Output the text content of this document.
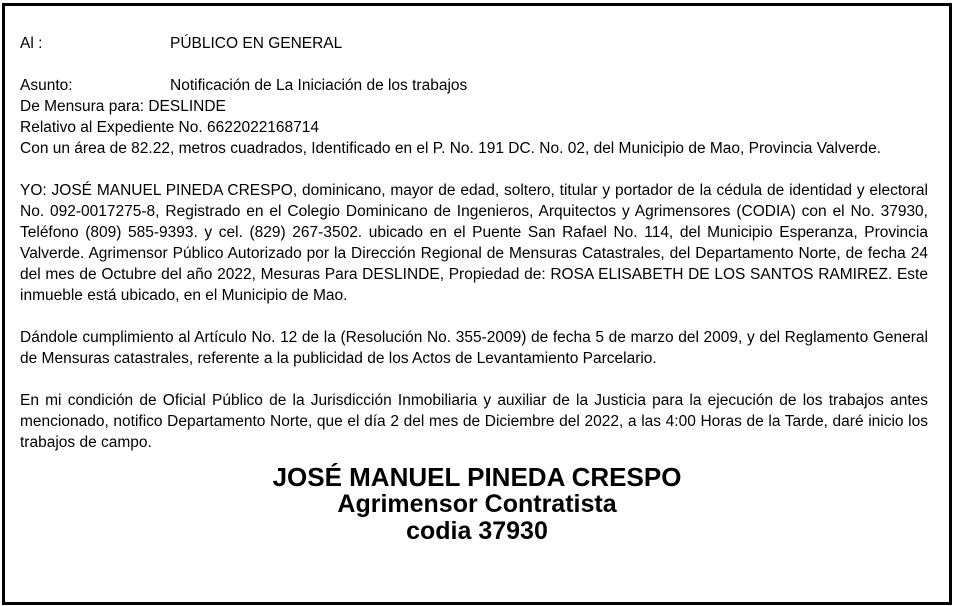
Al :	PÚBLICO EN GENERAL
Asunto:	Notificación de La Iniciación de los trabajos
De Mensura para: DESLINDE
Relativo al Expediente No. 6622022168714
Con un área de 82.22, metros cuadrados, Identificado en el P. No. 191 DC. No. 02, del Municipio de Mao, Provincia Valverde.
YO: JOSÉ MANUEL PINEDA CRESPO, dominicano, mayor de edad, soltero, titular y portador de la cédula de identidad y electoral No. 092-0017275-8, Registrado en el Colegio Dominicano de Ingenieros, Arquitectos y Agrimensores (CODIA) con el No. 37930, Teléfono (809) 585-9393. y cel. (829) 267-3502. ubicado en el Puente San Rafael No. 114, del Municipio Esperanza, Provincia Valverde. Agrimensor Público Autorizado por la Dirección Regional de Mensuras Catastrales, del Departamento Norte, de fecha 24 del mes de Octubre del año 2022, Mesuras Para DESLINDE, Propiedad de: ROSA ELISABETH DE LOS SANTOS RAMIREZ. Este inmueble está ubicado, en el Municipio de Mao.
Dándole cumplimiento al Artículo No. 12 de la (Resolución No. 355-2009) de fecha 5 de marzo del 2009, y del Reglamento General de Mensuras catastrales, referente a la publicidad de los Actos de Levantamiento Parcelario.
En mi condición de Oficial Público de la Jurisdicción Inmobiliaria y auxiliar de la Justicia para la ejecución de los trabajos antes mencionado, notifico Departamento Norte, que el día 2 del mes de Diciembre del 2022, a las 4:00 Horas de la Tarde, daré inicio los trabajos de campo.
JOSÉ MANUEL PINEDA CRESPO
Agrimensor Contratista
codia 37930
